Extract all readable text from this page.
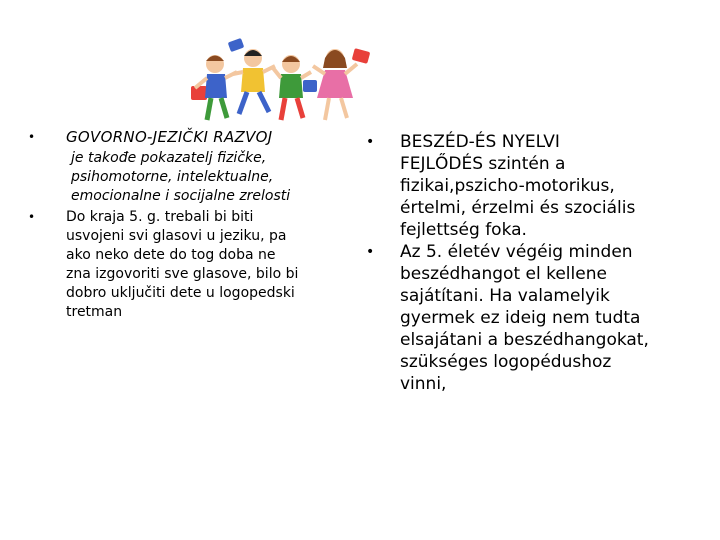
• GOVORNO-JEZIČKI RAZVOJ
je takođe pokazatelj fizičke,
psihomotorne, intelektualne,
emocionalne i socijalne zrelosti
• Do kraja 5. g. trebali bi biti
usvojeni svi glasovi u jeziku, pa
ako neko dete do tog doba ne
zna izgovoriti sve glasove, bilo bi
dobro uključiti dete u logopedski
tretman
• BESZÉD-ÉS NYELVI
FEJLŐDÉS szintén a
fizikai,pszicho-motorikus,
értelmi, érzelmi és szociális
fejlettség foka.
• Az 5. életév végéig minden
beszédhangot el kellene
sajátítani. Ha valamelyik
gyermek ez ideig nem tudta
elsajátani a beszédhangokat,
szükséges logopédushoz
vinni,
